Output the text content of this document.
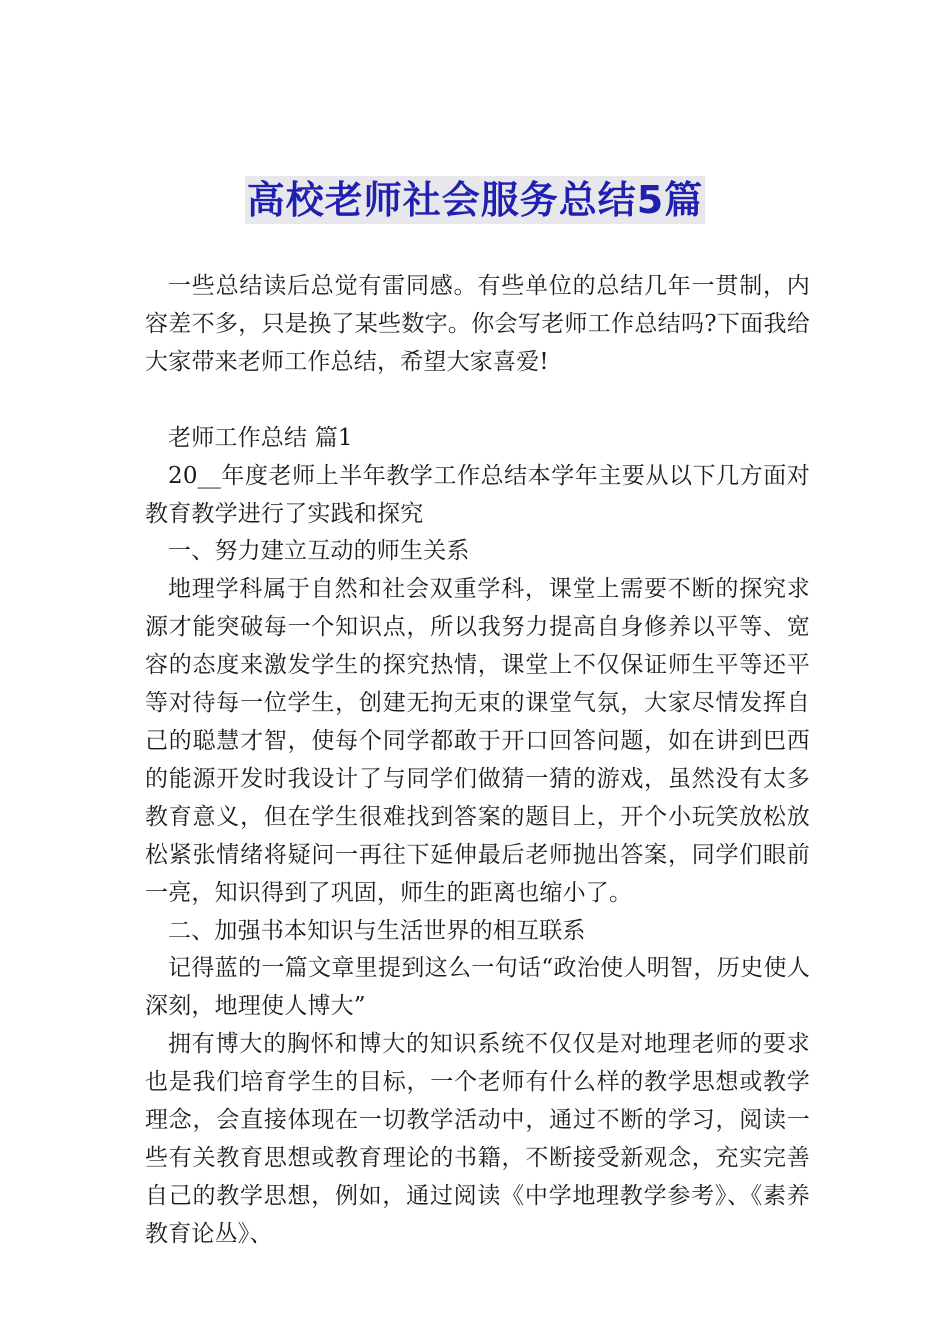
高校老师社会服务总结5篇

一些总结读后总觉有雷同感。有些单位的总结几年一贯制，内容差不多，只是换了某些数字。你会写老师工作总结吗?下面我给大家带来老师工作总结，希望大家喜爱!

老师工作总结 篇1

20__年度老师上半年教学工作总结本学年主要从以下几方面对教育教学进行了实践和探究

一、努力建立互动的师生关系

地理学科属于自然和社会双重学科，课堂上需要不断的探究求源才能突破每一个知识点，所以我努力提高自身修养以平等、宽容的态度来激发学生的探究热情，课堂上不仅保证师生平等还平等对待每一位学生，创建无拘无束的课堂气氛，大家尽情发挥自己的聪慧才智，使每个同学都敢于开口回答问题，如在讲到巴西的能源开发时我设计了与同学们做猜一猜的游戏，虽然没有太多教育意义，但在学生很难找到答案的题目上，开个小玩笑放松放松紧张情绪将疑问一再往下延伸最后老师抛出答案，同学们眼前一亮，知识得到了巩固，师生的距离也缩小了。

二、加强书本知识与生活世界的相互联系

记得蓝的一篇文章里提到这么一句话“政治使人明智，历史使人深刻，地理使人博大”

拥有博大的胸怀和博大的知识系统不仅仅是对地理老师的要求也是我们培育学生的目标，一个老师有什么样的教学思想或教学理念，会直接体现在一切教学活动中，通过不断的学习，阅读一些有关教育思想或教育理论的书籍，不断接受新观念，充实完善自己的教学思想，例如，通过阅读《中学地理教学参考》、《素养教育论丛》、
